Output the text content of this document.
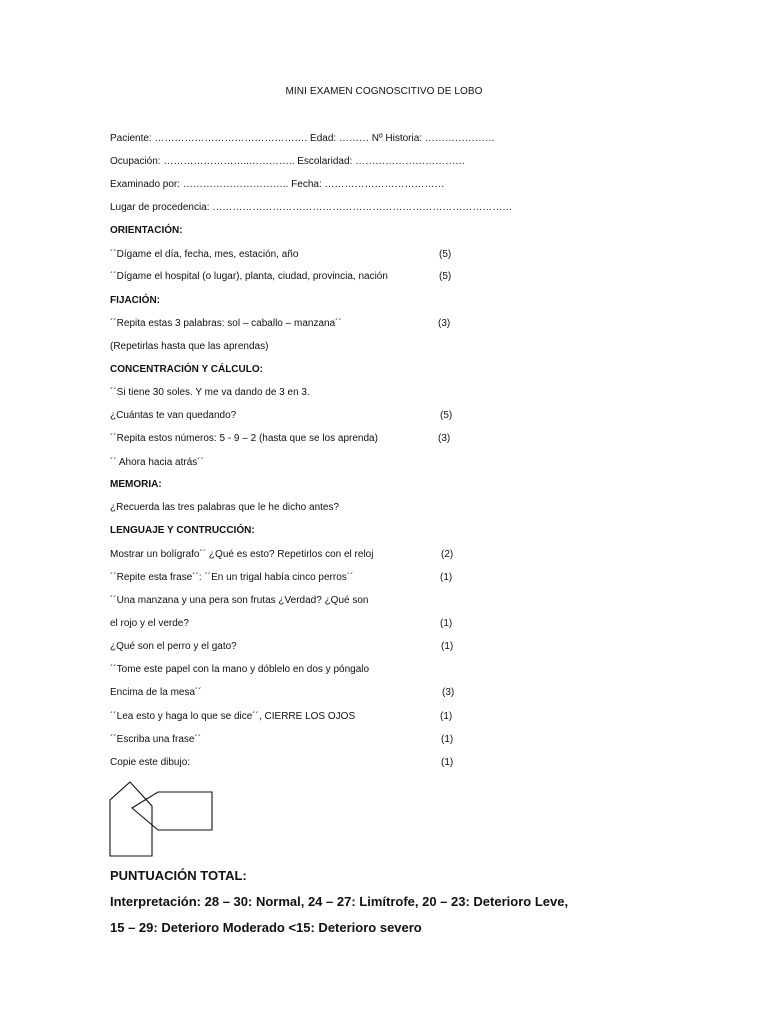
MINI EXAMEN COGNOSCITIVO DE LOBO
Paciente: ………………………………………. Edad: ……… Nº Historia: …………………
Ocupación: ……………………..………….. Escolaridad: ……………………………
Examinado por: ………………………….. Fecha: ………………………………
Lugar de procedencia: ………………………………………………………………………………
ORIENTACIÓN:
´´Dígame el día, fecha, mes, estación, año	(5)
´´Dígame el hospital (o lugar), planta, ciudad, provincia, nación	(5)
FIJACIÓN:
´´Repita estas 3 palabras: sol – caballo – manzana´´	(3)
(Repetirlas hasta que las aprendas)
CONCENTRACIÓN Y CÁLCULO:
´´Si tiene 30 soles. Y me va dando de 3 en 3.
¿Cuántas te van quedando?	(5)
´´Repita estos números: 5 - 9 – 2 (hasta que se los aprenda)	(3)
´´ Ahora hacia atrás´´
MEMORIA:
¿Recuerda las tres palabras que le he dicho antes?
LENGUAJE Y CONTRUCCIÓN:
Mostrar un bolígrafo´´ ¿Qué es esto? Repetirlos con el reloj	(2)
´´Repite esta frase´´: ´´En un trigal había cinco perros´´	(1)
´´Una manzana y una pera son frutas ¿Verdad? ¿Qué son
el rojo y el verde?	(1)
¿Qué son el perro y el gato?	(1)
´´Tome este papel con la mano y dóblelo en dos y póngalo
Encima de la mesa´´	(3)
´´Lea esto y haga lo que se dice´´, CIERRE LOS OJOS	(1)
´´Escriba una frase´´	(1)
Copie este dibujo:	(1)
PUNTUACIÓN TOTAL:
Interpretación: 28 – 30: Normal, 24 – 27: Limítrofe, 20 – 23: Deterioro Leve,
15 – 29: Deterioro Moderado <15: Deterioro severo
